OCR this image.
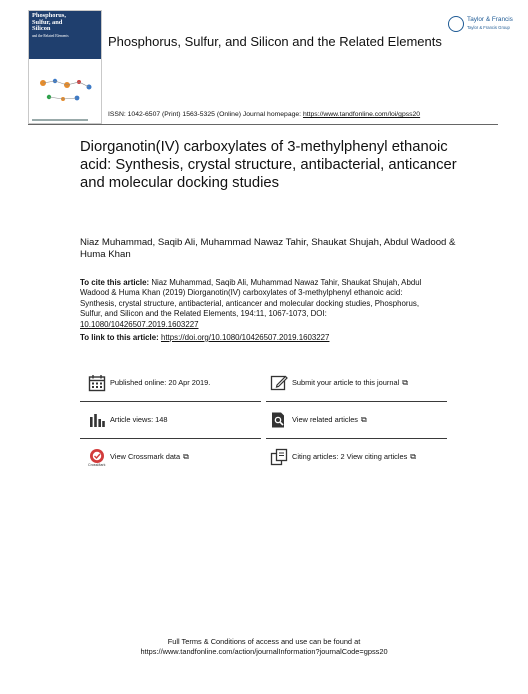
Phosphorus,
Sulfur, and
Silicon
and the Related Elements	Phosphorus, Sulfur, and Silicon and the Related Elements
Taylor & Francis
Taylor & Francis Group
ISSN: 1042-6507 (Print) 1563-5325 (Online) Journal homepage: https://www.tandfonline.com/loi/gpss20
Diorganotin(IV) carboxylates of 3-methylphenyl ethanoic acid: Synthesis, crystal structure, antibacterial, anticancer and molecular docking studies
Niaz Muhammad, Saqib Ali, Muhammad Nawaz Tahir, Shaukat Shujah, Abdul Wadood & Huma Khan
To cite this article: Niaz Muhammad, Saqib Ali, Muhammad Nawaz Tahir, Shaukat Shujah, Abdul Wadood & Huma Khan (2019) Diorganotin(IV) carboxylates of 3-methylphenyl ethanoic acid: Synthesis, crystal structure, antibacterial, anticancer and molecular docking studies, Phosphorus, Sulfur, and Silicon and the Related Elements, 194:11, 1067-1073, DOI: 10.1080/10426507.2019.1603227
To link to this article: https://doi.org/10.1080/10426507.2019.1603227
Published online: 20 Apr 2019.	Submit your article to this journal ⧉
Article views: 148	View related articles ⧉
CrossMark
View Crossmark data ⧉	Citing articles: 2 View citing articles ⧉
Full Terms & Conditions of access and use can be found at
https://www.tandfonline.com/action/journalInformation?journalCode=gpss20
